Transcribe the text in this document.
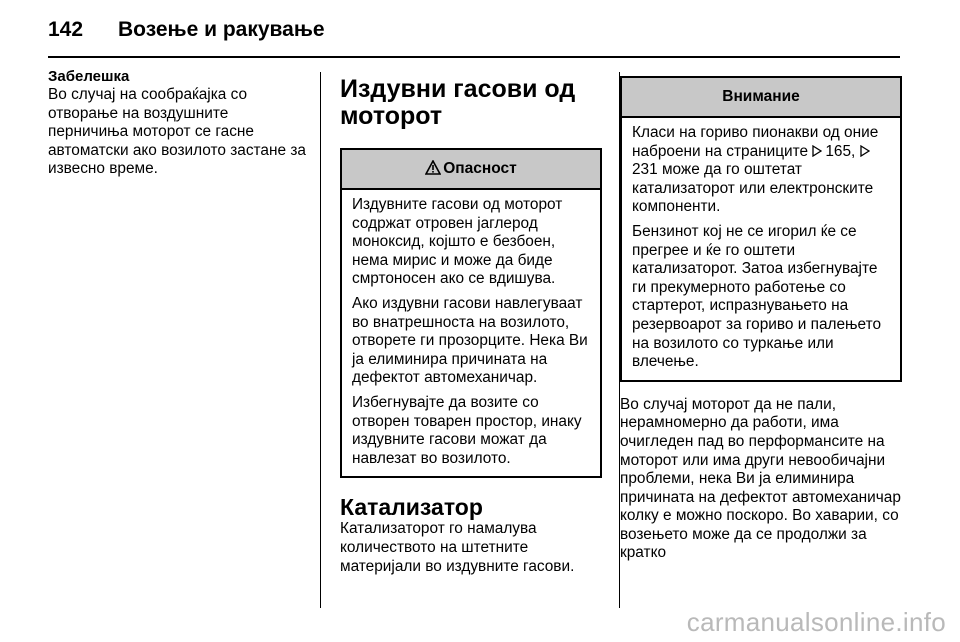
142 Возење и ракување
Забелешка
Во случај на сообраќајка со отворање на воздушните перничиња моторот се гасне автоматски ако возилото застане за извесно време.
Издувни гасови од моторот
Опасност

Издувните гасови од моторот содржат отровен јаглерод моноксид, којшто е безбоен, нема мирис и може да биде смртоносен ако се вдишува.

Ако издувни гасови навлегуваат во внатрешноста на возилото, отворете ги прозорците. Нека Ви ја елиминира причината на дефектот автомеханичар.

Избегнувајте да возите со отворен товарен простор, инаку издувните гасови можат да навлезат во возилото.

Катализатор
Катализаторот го намалува количеството на штетните материјали во издувните гасови.
Внимание

Класи на гориво пионакви од оние наброени на страниците 165, 231 може да го оштетат катализаторот или електронските компоненти.

Бензинот кој не се игорил ќе се прегрее и ќе го оштети катализаторот. Затоа избегнувајте ги прекумерното работење со стартерот, испразнувањето на резервоарот за гориво и палењето на возилото со туркање или влечење.

Во случај моторот да не пали, нерамномерно да работи, има очигледен пад во перформансите на моторот или има други невообичајни проблеми, нека Ви ја елиминира причината на дефектот автомеханичар колку е можно поскоро. Во хаварии, со возењето може да се продолжи за кратко
carmanualsonline.info
